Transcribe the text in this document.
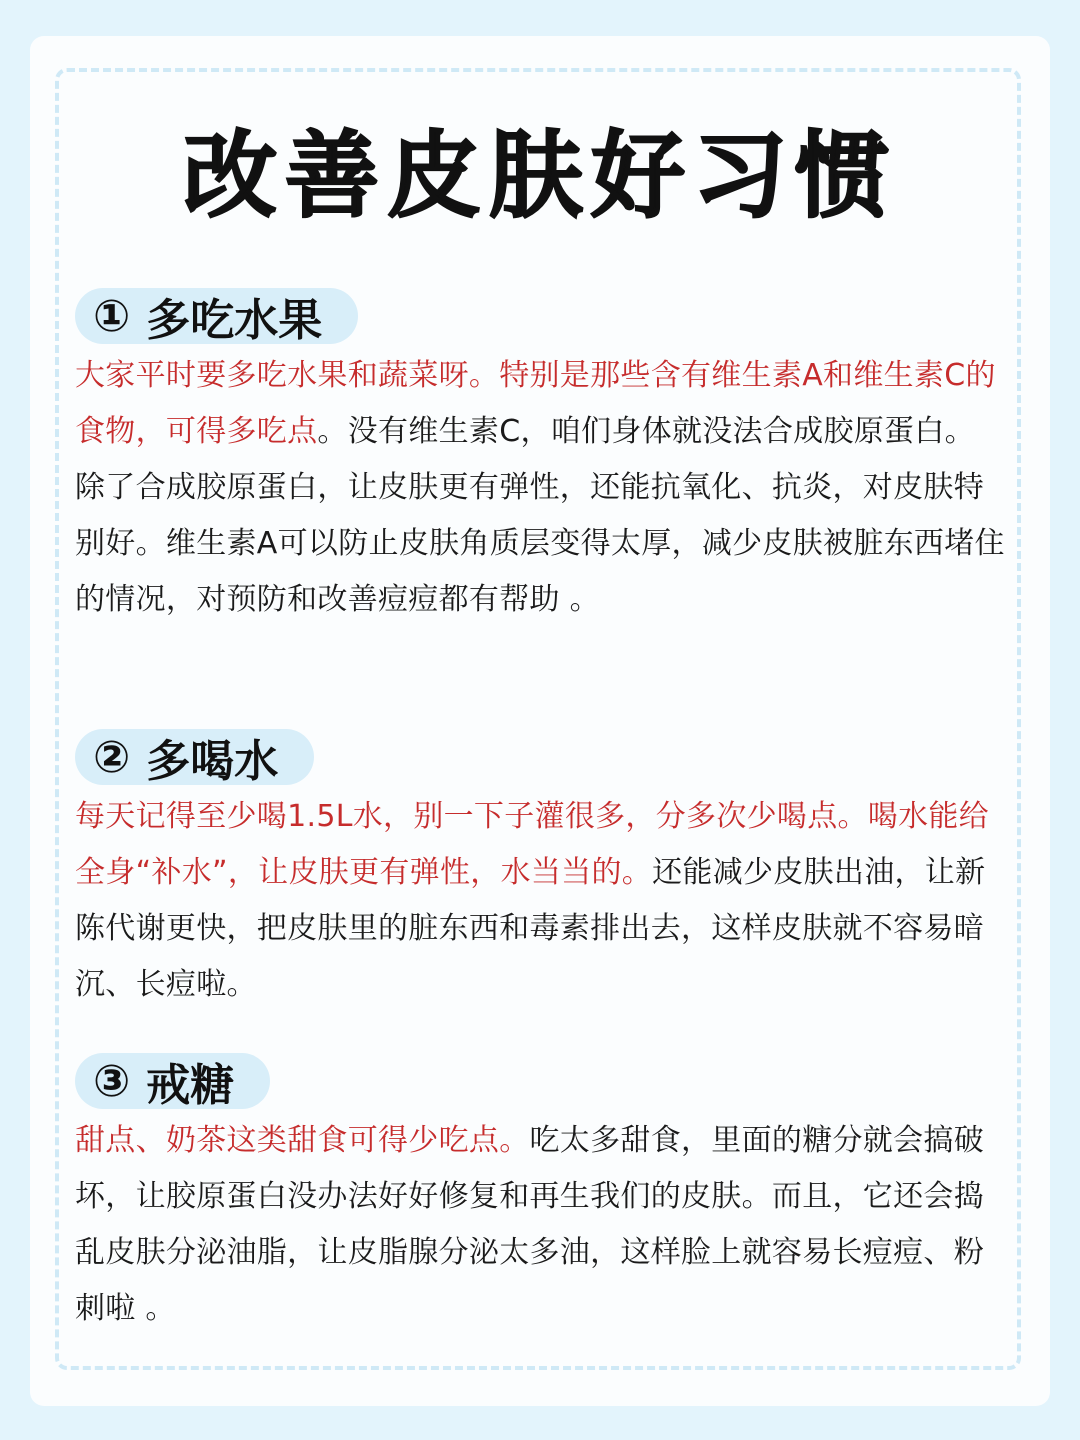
改善皮肤好习惯
① 多吃水果

大家平时要多吃水果和蔬菜呀。特别是那些含有维生素A和维生素C的食物，可得多吃点。没有维生素C，咱们身体就没法合成胶原蛋白。

除了合成胶原蛋白，让皮肤更有弹性，还能抗氧化、抗炎，对皮肤特别好。维生素A可以防止皮肤角质层变得太厚，减少皮肤被脏东西堵住的情况，对预防和改善痘痘都有帮助 。

② 多喝水

每天记得至少喝1.5L水，别一下子灌很多，分多次少喝点。喝水能给全身“补水”，让皮肤更有弹性，水当当的。还能减少皮肤出油，让新陈代谢更快，把皮肤里的脏东西和毒素排出去，这样皮肤就不容易暗沉、长痘啦。

③ 戒糖

甜点、奶茶这类甜食可得少吃点。吃太多甜食，里面的糖分就会搞破坏，让胶原蛋白没办法好好修复和再生我们的皮肤。而且，它还会捣乱皮肤分泌油脂，让皮脂腺分泌太多油，这样脸上就容易长痘痘、粉刺啦 。
